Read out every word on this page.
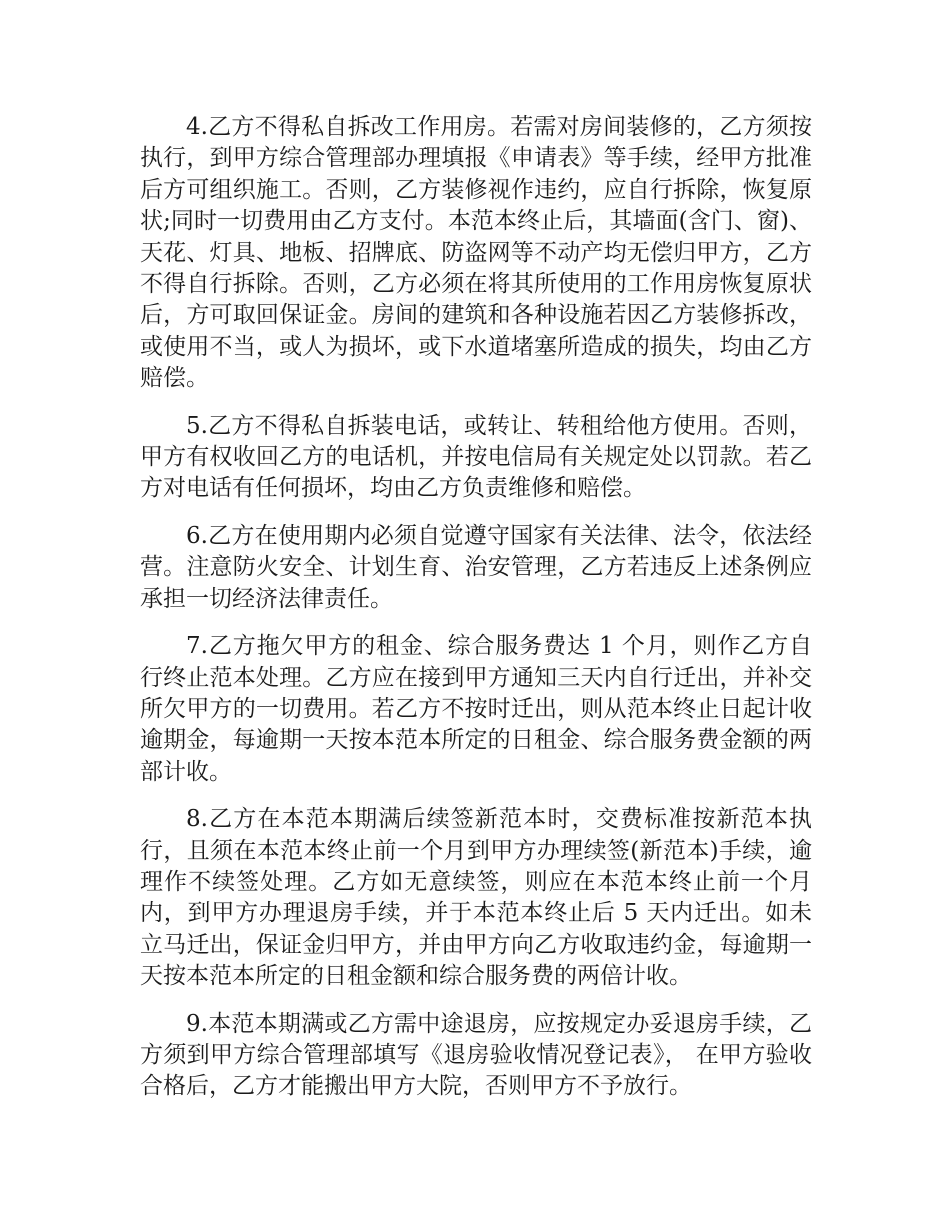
4.乙方不得私自拆改工作用房。若需对房间装修的，乙方须按执行，到甲方综合管理部办理填报《申请表》等手续，经甲方批准后方可组织施工。否则，乙方装修视作违约，应自行拆除，恢复原状;同时一切费用由乙方支付。本范本终止后，其墙面(含门、窗)、天花、灯具、地板、招牌底、防盗网等不动产均无偿归甲方，乙方不得自行拆除。否则，乙方必须在将其所使用的工作用房恢复原状后，方可取回保证金。房间的建筑和各种设施若因乙方装修拆改，或使用不当，或人为损坏，或下水道堵塞所造成的损失，均由乙方赔偿。

5.乙方不得私自拆装电话，或转让、转租给他方使用。否则，甲方有权收回乙方的电话机，并按电信局有关规定处以罚款。若乙方对电话有任何损坏，均由乙方负责维修和赔偿。

6.乙方在使用期内必须自觉遵守国家有关法律、法令，依法经营。注意防火安全、计划生育、治安管理，乙方若违反上述条例应承担一切经济法律责任。

7.乙方拖欠甲方的租金、综合服务费达 1 个月，则作乙方自行终止范本处理。乙方应在接到甲方通知三天内自行迁出，并补交所欠甲方的一切费用。若乙方不按时迁出，则从范本终止日起计收逾期金，每逾期一天按本范本所定的日租金、综合服务费金额的两部计收。

8.乙方在本范本期满后续签新范本时，交费标准按新范本执行，且须在本范本终止前一个月到甲方办理续签(新范本)手续，逾理作不续签处理。乙方如无意续签，则应在本范本终止前一个月内，到甲方办理退房手续，并于本范本终止后 5 天内迁出。如未立马迁出，保证金归甲方，并由甲方向乙方收取违约金，每逾期一天按本范本所定的日租金额和综合服务费的两倍计收。

9.本范本期满或乙方需中途退房，应按规定办妥退房手续，乙方须到甲方综合管理部填写《退房验收情况登记表》， 在甲方验收合格后，乙方才能搬出甲方大院，否则甲方不予放行。
